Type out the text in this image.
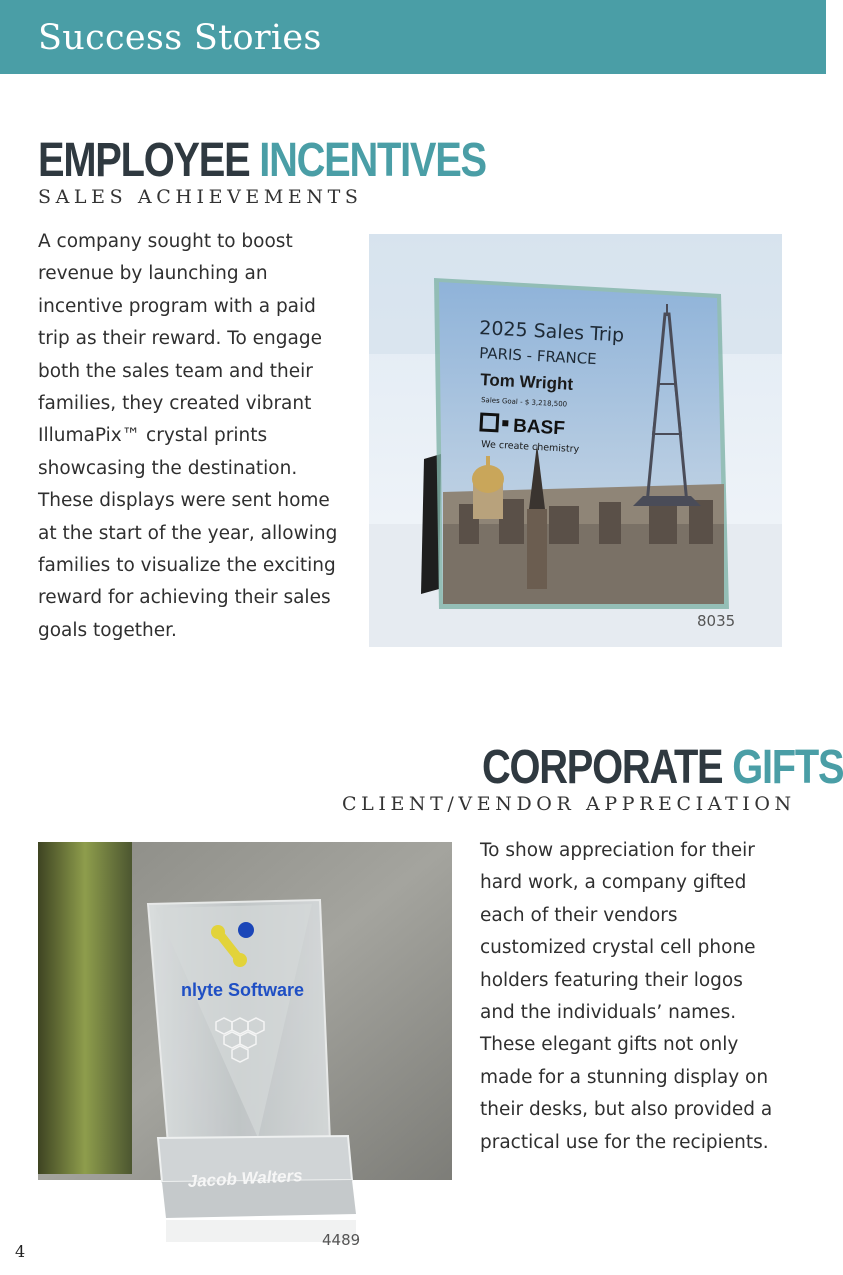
Success Stories
EMPLOYEE INCENTIVES
SALES ACHIEVEMENTS
A company sought to boost
revenue by launching an
incentive program with a paid
trip as their reward. To engage
both the sales team and their
families, they created vibrant
IllumaPix™ crystal prints
showcasing the destination.
These displays were sent home
at the start of the year, allowing
families to visualize the exciting
reward for achieving their sales
goals together.
2025 Sales Trip
PARIS - FRANCE
Tom Wright
Sales Goal - $ 3,218,500
BASF
We create chemistry
8035
CORPORATE GIFTS
CLIENT/VENDOR APPRECIATION
To show appreciation for their
hard work, a company gifted
each of their vendors
customized crystal cell phone
holders featuring their logos
and the individuals’ names.
These elegant gifts not only
made for a stunning display on
their desks, but also provided a
practical use for the recipients.
nlyte Software
Jacob Walters
4489
4
